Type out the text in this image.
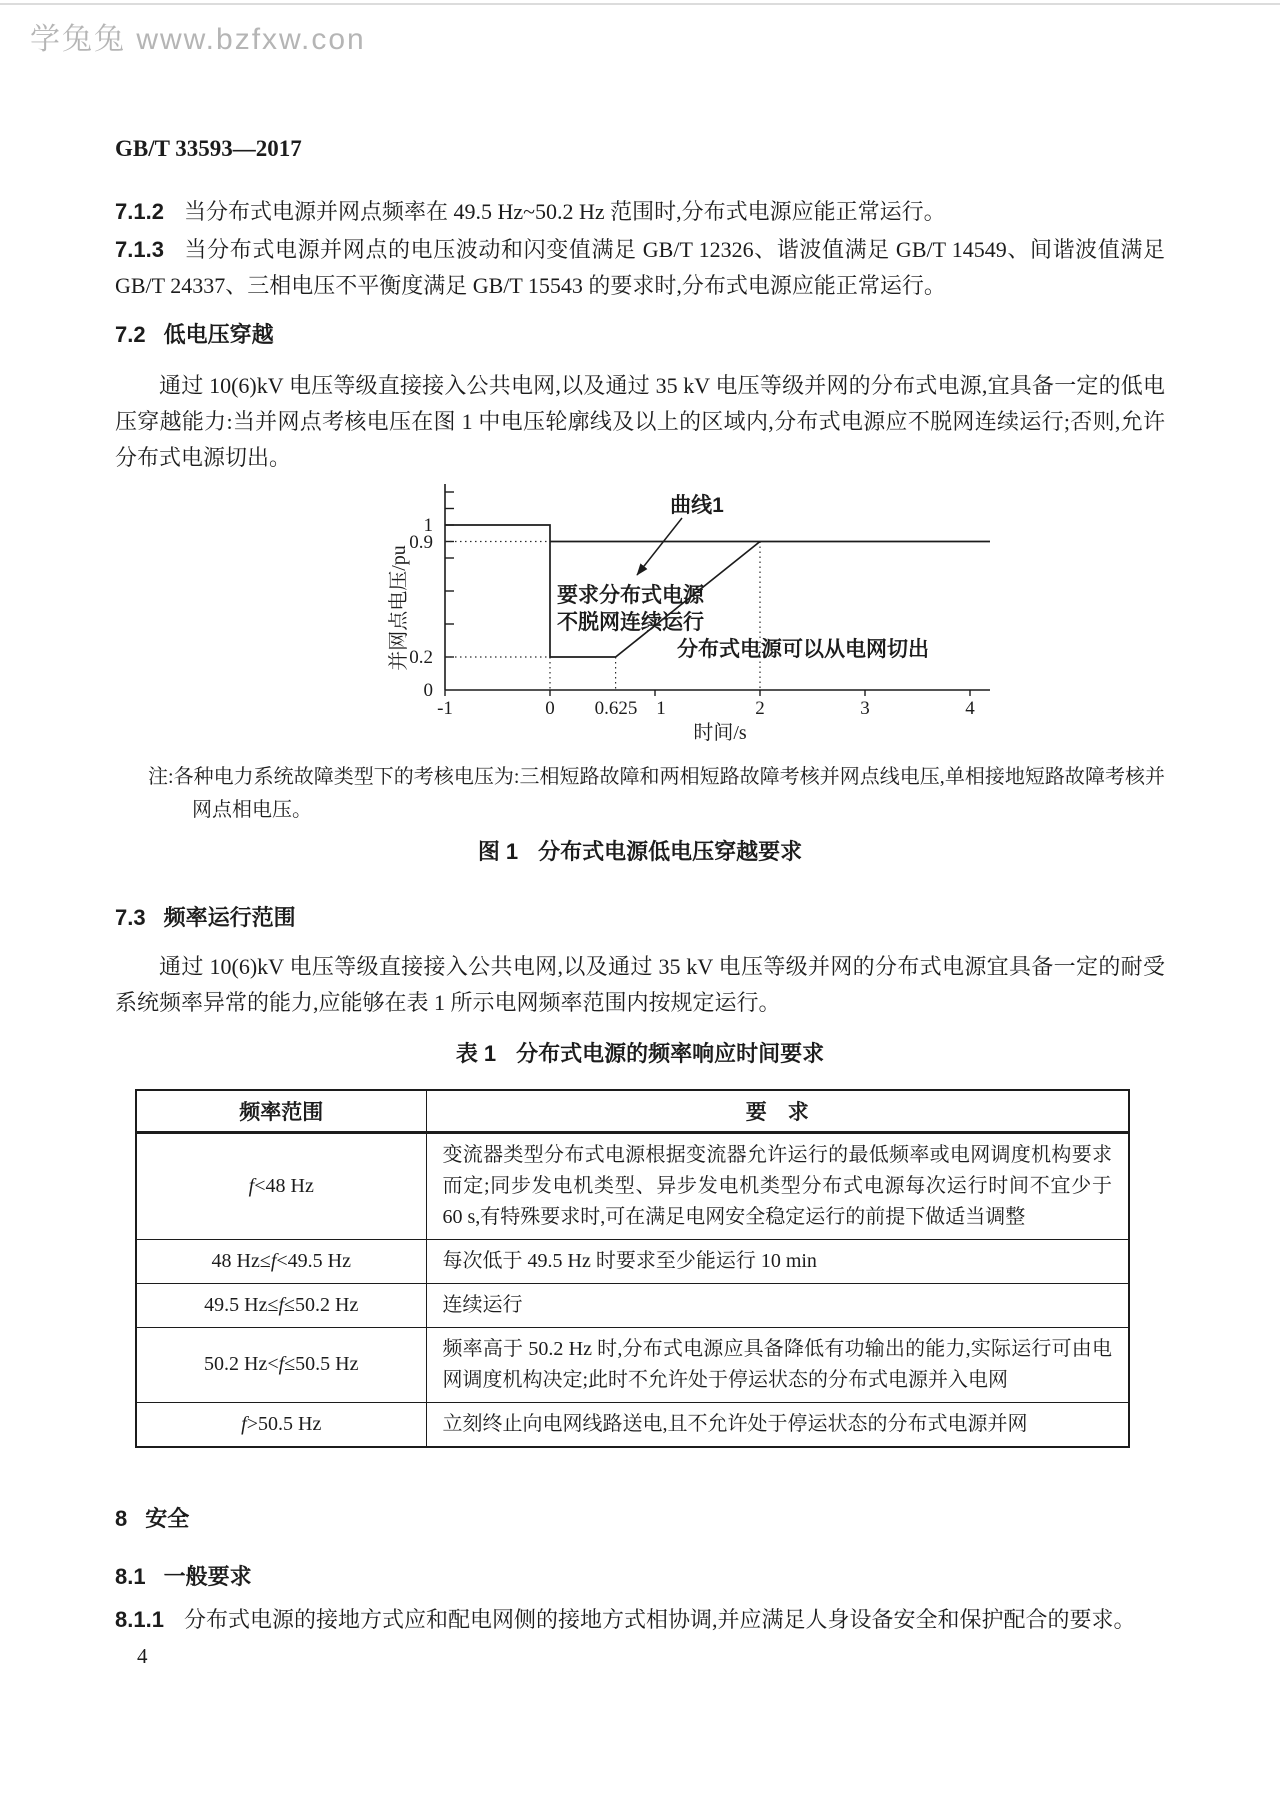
学兔兔 www.bzfxw.con
GB/T 33593—2017

7.1.2 当分布式电源并网点频率在 49.5 Hz~50.2 Hz 范围时,分布式电源应能正常运行。

7.1.3 当分布式电源并网点的电压波动和闪变值满足 GB/T 12326、谐波值满足 GB/T 14549、间谐波值满足 GB/T 24337、三相电压不平衡度满足 GB/T 15543 的要求时,分布式电源应能正常运行。

7.2 低电压穿越

通过 10(6)kV 电压等级直接接入公共电网,以及通过 35 kV 电压等级并网的分布式电源,宜具备一定的低电压穿越能力:当并网点考核电压在图 1 中电压轮廓线及以上的区域内,分布式电源应不脱网连续运行;否则,允许分布式电源切出。

曲线1
要求分布式电源
不脱网连续运行
分布式电源可以从电网切出
1
0.9
0.2
0
-1	0 0.625 1	2	3	4
并网点电压/pu
时间/s

注:各种电力系统故障类型下的考核电压为:三相短路故障和两相短路故障考核并网点线电压,单相接地短路故障考核并网点相电压。

图 1 分布式电源低电压穿越要求
7.3 频率运行范围

通过 10(6)kV 电压等级直接接入公共电网,以及通过 35 kV 电压等级并网的分布式电源宜具备一定的耐受系统频率异常的能力,应能够在表 1 所示电网频率范围内按规定运行。

表 1 分布式电源的频率响应时间要求
频率范围	要　求
f<48 Hz	变流器类型分布式电源根据变流器允许运行的最低频率或电网调度机构要求而定;同步发电机类型、异步发电机类型分布式电源每次运行时间不宜少于 60 s,有特殊要求时,可在满足电网安全稳定运行的前提下做适当调整
48 Hz≤f<49.5 Hz	每次低于 49.5 Hz 时要求至少能运行 10 min
49.5 Hz≤f≤50.2 Hz	连续运行
50.2 Hz<f≤50.5 Hz	频率高于 50.2 Hz 时,分布式电源应具备降低有功输出的能力,实际运行可由电网调度机构决定;此时不允许处于停运状态的分布式电源并入电网
f>50.5 Hz	立刻终止向电网线路送电,且不允许处于停运状态的分布式电源并网
8 安全
8.1 一般要求

8.1.1 分布式电源的接地方式应和配电网侧的接地方式相协调,并应满足人身设备安全和保护配合的要求。

4
